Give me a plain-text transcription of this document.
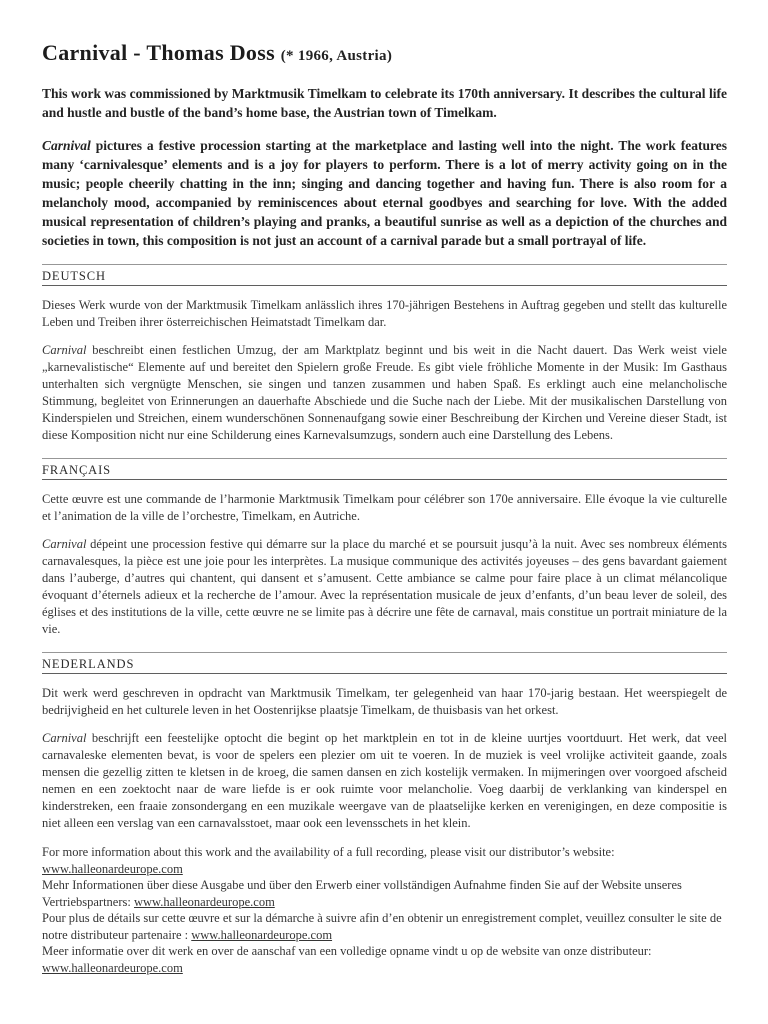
Carnival - Thomas Doss (* 1966, Austria)

This work was commissioned by Marktmusik Timelkam to celebrate its 170th anniversary. It describes the cultural life and hustle and bustle of the band’s home base, the Austrian town of Timelkam.

Carnival pictures a festive procession starting at the marketplace and lasting well into the night. The work features many ‘carnivalesque’ elements and is a joy for players to perform. There is a lot of merry activity going on in the music; people cheerily chatting in the inn; singing and dancing together and having fun. There is also room for a melancholy mood, accompanied by reminiscences about eternal goodbyes and searching for love. With the added musical representation of children’s playing and pranks, a beautiful sunrise as well as a depiction of the churches and societies in town, this composition is not just an account of a carnival parade but a small portrayal of life.

DEUTSCH

Dieses Werk wurde von der Marktmusik Timelkam anlässlich ihres 170-jährigen Bestehens in Auftrag gegeben und stellt das kulturelle Leben und Treiben ihrer österreichischen Heimatstadt Timelkam dar.

Carnival beschreibt einen festlichen Umzug, der am Marktplatz beginnt und bis weit in die Nacht dauert. Das Werk weist viele „karnevalistische“ Elemente auf und bereitet den Spielern große Freude. Es gibt viele fröhliche Momente in der Musik: Im Gasthaus unterhalten sich vergnügte Menschen, sie singen und tanzen zusammen und haben Spaß. Es erklingt auch eine melancholische Stimmung, begleitet von Erinnerungen an dauerhafte Abschiede und die Suche nach der Liebe. Mit der musikalischen Darstellung von Kinderspielen und Streichen, einem wunderschönen Sonnenaufgang sowie einer Beschreibung der Kirchen und Vereine dieser Stadt, ist diese Komposition nicht nur eine Schilderung eines Karnevalsumzugs, sondern auch eine Darstellung des Lebens.

FRANÇAIS

Cette œuvre est une commande de l’harmonie Marktmusik Timelkam pour célébrer son 170e anniversaire. Elle évoque la vie culturelle et l’animation de la ville de l’orchestre, Timelkam, en Autriche.

Carnival dépeint une procession festive qui démarre sur la place du marché et se poursuit jusqu’à la nuit. Avec ses nombreux éléments carnavalesques, la pièce est une joie pour les interprètes. La musique communique des activités joyeuses – des gens bavardant gaiement dans l’auberge, d’autres qui chantent, qui dansent et s’amusent. Cette ambiance se calme pour faire place à un climat mélancolique évoquant d’éternels adieux et la recherche de l’amour. Avec la représentation musicale de jeux d’enfants, d’un beau lever de soleil, des églises et des institutions de la ville, cette œuvre ne se limite pas à décrire une fête de carnaval, mais constitue un portrait miniature de la vie.

NEDERLANDS

Dit werk werd geschreven in opdracht van Marktmusik Timelkam, ter gelegenheid van haar 170-jarig bestaan. Het weerspiegelt de bedrijvigheid en het culturele leven in het Oostenrijkse plaatsje Timelkam, de thuisbasis van het orkest.

Carnival beschrijft een feestelijke optocht die begint op het marktplein en tot in de kleine uurtjes voortduurt. Het werk, dat veel carnavaleske elementen bevat, is voor de spelers een plezier om uit te voeren. In de muziek is veel vrolijke activiteit gaande, zoals mensen die gezellig zitten te kletsen in de kroeg, die samen dansen en zich kostelijk vermaken. In mijmeringen over voorgoed afscheid nemen en een zoektocht naar de ware liefde is er ook ruimte voor melancholie. Voeg daarbij de verklanking van kinderspel en kinderstreken, een fraaie zonsondergang en een muzikale weergave van de plaatselijke kerken en verenigingen, en deze compositie is niet alleen een verslag van een carnavalsstoet, maar ook een levensschets in het klein.

For more information about this work and the availability of a full recording, please visit our distributor’s website:
www.halleonardeurope.com

Mehr Informationen über diese Ausgabe und über den Erwerb einer vollständigen Aufnahme finden Sie auf der Website unseres Vertriebspartners: www.halleonardeurope.com

Pour plus de détails sur cette œuvre et sur la démarche à suivre afin d’en obtenir un enregistrement complet, veuillez consulter le site de notre distributeur partenaire : www.halleonardeurope.com

Meer informatie over dit werk en over de aanschaf van een volledige opname vindt u op de website van onze distributeur:
www.halleonardeurope.com
